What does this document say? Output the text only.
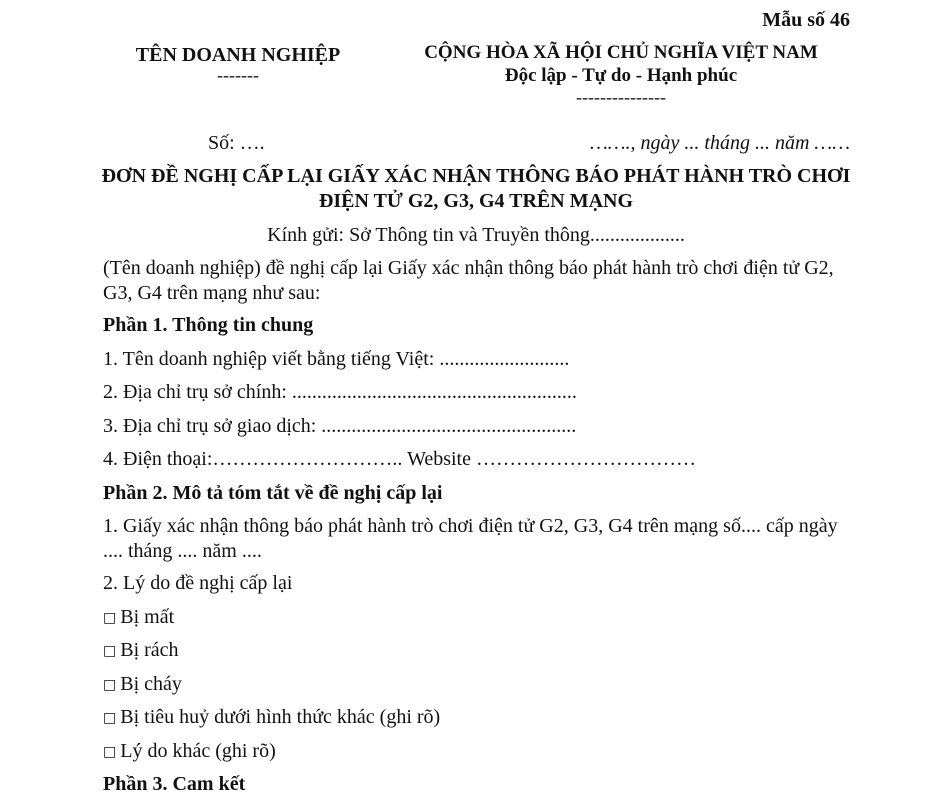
Mẫu số 46
TÊN DOANH NGHIỆP
-------
CỘNG HÒA XÃ HỘI CHỦ NGHĨA VIỆT NAM
Độc lập - Tự do - Hạnh phúc
---------------
Số: ….	……., ngày ... tháng ... năm ……
ĐƠN ĐỀ NGHỊ CẤP LẠI GIẤY XÁC NHẬN THÔNG BÁO PHÁT HÀNH TRÒ CHƠI ĐIỆN TỬ G2, G3, G4 TRÊN MẠNG
Kính gửi: Sở Thông tin và Truyền thông...................
(Tên doanh nghiệp) đề nghị cấp lại Giấy xác nhận thông báo phát hành trò chơi điện tử G2, G3, G4 trên mạng như sau:
Phần 1. Thông tin chung
1. Tên doanh nghiệp viết bằng tiếng Việt: ..........................
2. Địa chỉ trụ sở chính: .........................................................
3. Địa chỉ trụ sở giao dịch: ...................................................
4. Điện thoại:……………………….. Website ……………………………
Phần 2. Mô tả tóm tắt về đề nghị cấp lại
1. Giấy xác nhận thông báo phát hành trò chơi điện tử G2, G3, G4 trên mạng số.... cấp ngày .... tháng .... năm ....
2. Lý do đề nghị cấp lại
□ Bị mất
□ Bị rách
□ Bị cháy
□ Bị tiêu huỷ dưới hình thức khác (ghi rõ)
□ Lý do khác (ghi rõ)
Phần 3. Cam kết
